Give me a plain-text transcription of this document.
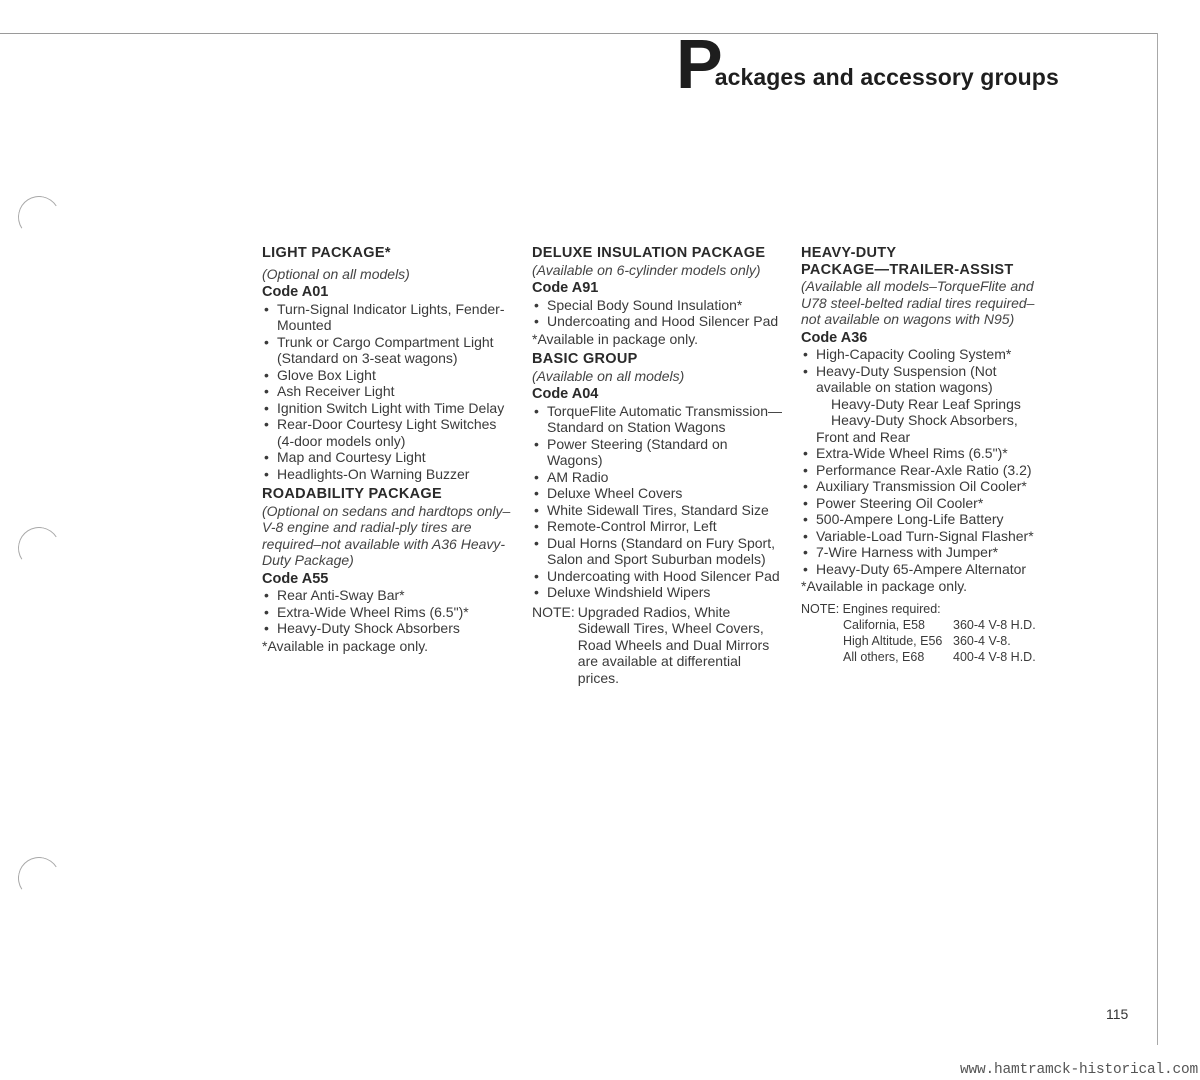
P
ackages and accessory groups
LIGHT PACKAGE*
(Optional on all models)
Code A01
• Turn-Signal Indicator Lights, Fender-Mounted
• Trunk or Cargo Compartment Light (Standard on 3-seat wagons)
• Glove Box Light
• Ash Receiver Light
• Ignition Switch Light with Time Delay
• Rear-Door Courtesy Light Switches (4-door models only)
• Map and Courtesy Light
• Headlights-On Warning Buzzer
ROADABILITY PACKAGE
(Optional on sedans and hardtops only–V-8 engine and radial-ply tires are required–not available with A36 Heavy-Duty Package)
Code A55
• Rear Anti-Sway Bar*
• Extra-Wide Wheel Rims (6.5")*
• Heavy-Duty Shock Absorbers
*Available in package only.
DELUXE INSULATION PACKAGE
(Available on 6-cylinder models only)
Code A91
• Special Body Sound Insulation*
• Undercoating and Hood Silencer Pad
*Available in package only.
BASIC GROUP
(Available on all models)
Code A04
• TorqueFlite Automatic Transmission—Standard on Station Wagons
• Power Steering (Standard on Wagons)
• AM Radio
• Deluxe Wheel Covers
• White Sidewall Tires, Standard Size
• Remote-Control Mirror, Left
• Dual Horns (Standard on Fury Sport, Salon and Sport Suburban models)
• Undercoating with Hood Silencer Pad
• Deluxe Windshield Wipers
NOTE: Upgraded Radios, White Sidewall Tires, Wheel Covers, Road Wheels and Dual Mirrors are available at differential prices.
HEAVY-DUTY
PACKAGE—TRAILER-ASSIST
(Available all models–TorqueFlite and U78 steel-belted radial tires required–not available on wagons with N95)
Code A36
• High-Capacity Cooling System*
• Heavy-Duty Suspension (Not available on station wagons)
Heavy-Duty Rear Leaf Springs
Heavy-Duty Shock Absorbers,
Front and Rear
• Extra-Wide Wheel Rims (6.5")*
• Performance Rear-Axle Ratio (3.2)
• Auxiliary Transmission Oil Cooler*
• Power Steering Oil Cooler*
• 500-Ampere Long-Life Battery
• Variable-Load Turn-Signal Flasher*
• 7-Wire Harness with Jumper*
• Heavy-Duty 65-Ampere Alternator
*Available in package only.
NOTE: Engines required:
California, E58	360-4 V-8 H.D.
High Altitude, E56 360-4 V-8.
All others, E68	400-4 V-8 H.D.
115
www.hamtramck-historical.com
